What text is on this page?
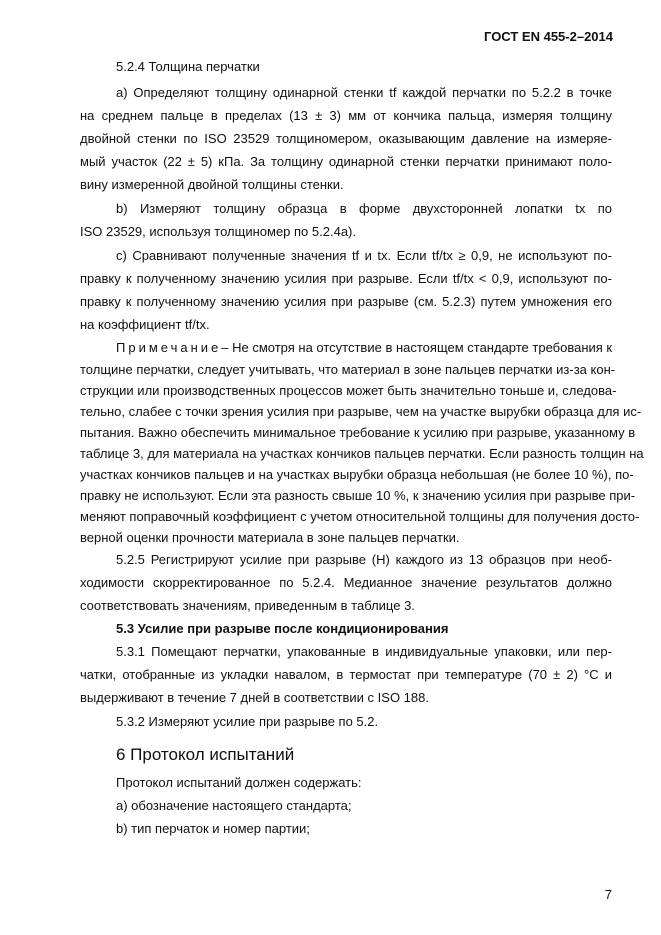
ГОСТ EN 455-2–2014
5.2.4 Толщина перчатки
а) Определяют толщину одинарной стенки tf каждой перчатки по 5.2.2 в точке
на среднем пальце в пределах (13 ± 3) мм от кончика пальца, измеряя толщину
двойной стенки по ISO 23529 толщиномером, оказывающим давление на измеряе-
мый участок (22 ± 5) кПа. За толщину одинарной стенки перчатки принимают поло-
вину измеренной двойной толщины стенки.
b) Измеряют толщину образца в форме двухсторонней лопатки tx по
ISO 23529, используя толщиномер по 5.2.4а).
с) Сравнивают полученные значения tf и tx. Если tf/tx ≥ 0,9, не используют по-
правку к полученному значению усилия при разрыве. Если tf/tx < 0,9, используют по-
правку к полученному значению усилия при разрыве (см. 5.2.3) путем умножения его
на коэффициент tf/tx.
Примечание – Не смотря на отсутствие в настоящем стандарте требования к
толщине перчатки, следует учитывать, что материал в зоне пальцев перчатки из-за кон-
струкции или производственных процессов может быть значительно тоньше и, следова-
тельно, слабее с точки зрения усилия при разрыве, чем на участке вырубки образца для ис-
пытания. Важно обеспечить минимальное требование к усилию при разрыве, указанному в
таблице 3, для материала на участках кончиков пальцев перчатки. Если разность толщин на
участках кончиков пальцев и на участках вырубки образца небольшая (не более 10 %), по-
правку не используют. Если эта разность свыше 10 %, к значению усилия при разрыве при-
меняют поправочный коэффициент с учетом относительной толщины для получения досто-
верной оценки прочности материала в зоне пальцев перчатки.
5.2.5 Регистрируют усилие при разрыве (Н) каждого из 13 образцов при необ-
ходимости скорректированное по 5.2.4. Медианное значение результатов должно
соответствовать значениям, приведенным в таблице 3.
5.3 Усилие при разрыве после кондиционирования
5.3.1 Помещают перчатки, упакованные в индивидуальные упаковки, или пер-
чатки, отобранные из укладки навалом, в термостат при температуре (70 ± 2) °С и
выдерживают в течение 7 дней в соответствии с ISO 188.
5.3.2 Измеряют усилие при разрыве по 5.2.
6 Протокол испытаний
Протокол испытаний должен содержать:
а) обозначение настоящего стандарта;
b) тип перчаток и номер партии;
7
